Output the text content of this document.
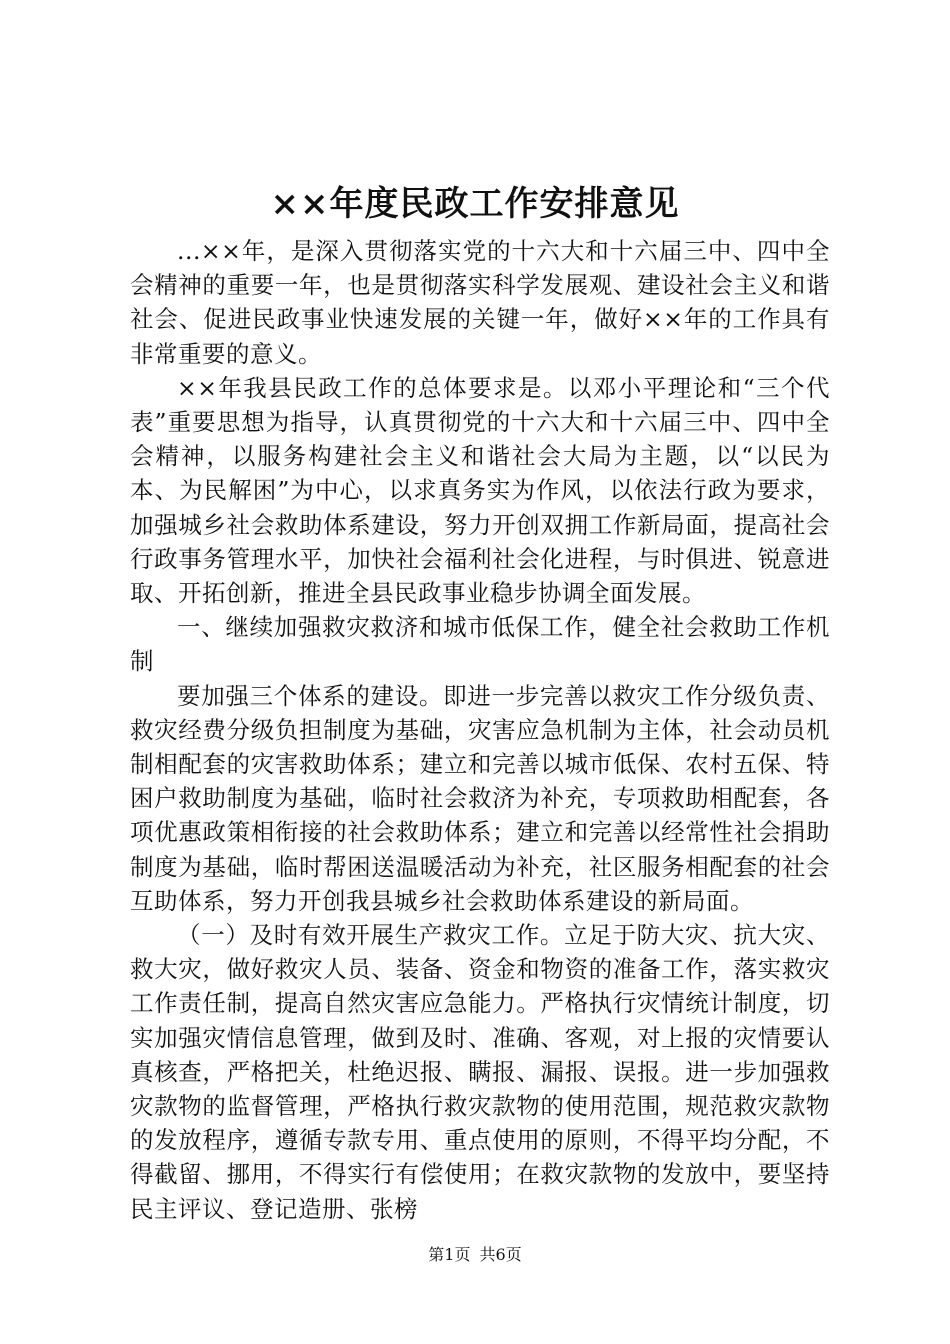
××年度民政工作安排意见

...××年，是深入贯彻落实党的十六大和十六届三中、四中全会精神的重要一年，也是贯彻落实科学发展观、建设社会主义和谐社会、促进民政事业快速发展的关键一年，做好××年的工作具有非常重要的意义。

××年我县民政工作的总体要求是。以邓小平理论和“三个代表”重要思想为指导，认真贯彻党的十六大和十六届三中、四中全会精神，以服务构建社会主义和谐社会大局为主题，以“以民为本、为民解困”为中心，以求真务实为作风，以依法行政为要求，加强城乡社会救助体系建设，努力开创双拥工作新局面，提高社会行政事务管理水平，加快社会福利社会化进程，与时俱进、锐意进取、开拓创新，推进全县民政事业稳步协调全面发展。

一、继续加强救灾救济和城市低保工作，健全社会救助工作机制

要加强三个体系的建设。即进一步完善以救灾工作分级负责、救灾经费分级负担制度为基础，灾害应急机制为主体，社会动员机制相配套的灾害救助体系；建立和完善以城市低保、农村五保、特困户救助制度为基础，临时社会救济为补充，专项救助相配套，各项优惠政策相衔接的社会救助体系；建立和完善以经常性社会捐助制度为基础，临时帮困送温暖活动为补充，社区服务相配套的社会互助体系，努力开创我县城乡社会救助体系建设的新局面。

（一）及时有效开展生产救灾工作。立足于防大灾、抗大灾、救大灾，做好救灾人员、装备、资金和物资的准备工作，落实救灾工作责任制，提高自然灾害应急能力。严格执行灾情统计制度，切实加强灾情信息管理，做到及时、准确、客观，对上报的灾情要认真核查，严格把关，杜绝迟报、瞒报、漏报、误报。进一步加强救灾款物的监督管理，严格执行救灾款物的使用范围，规范救灾款物的发放程序，遵循专款专用、重点使用的原则，不得平均分配，不得截留、挪用，不得实行有偿使用；在救灾款物的发放中，要坚持民主评议、登记造册、张榜

第1页 共6页
